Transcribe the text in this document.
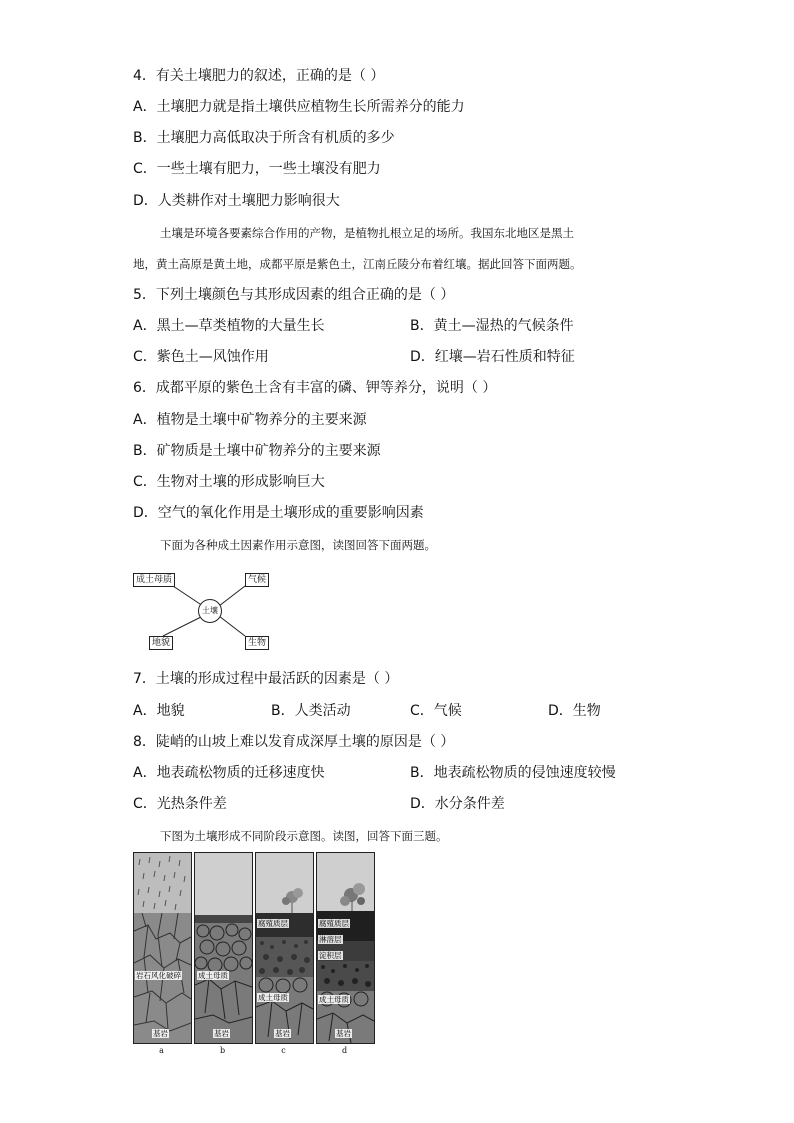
4．有关土壤肥力的叙述，正确的是（ ）
A．土壤肥力就是指土壤供应植物生长所需养分的能力
B．土壤肥力高低取决于所含有机质的多少
C．一些土壤有肥力，一些土壤没有肥力
D．人类耕作对土壤肥力影响很大
土壤是环境各要素综合作用的产物，是植物扎根立足的场所。我国东北地区是黑土
地，黄土高原是黄土地，成都平原是紫色土，江南丘陵分布着红壤。据此回答下面两题。
5．下列土壤颜色与其形成因素的组合正确的是（ ）
A．黑土—草类植物的大量生长	B．黄土—湿热的气候条件
C．紫色土—风蚀作用	D．红壤—岩石性质和特征
6．成都平原的紫色土含有丰富的磷、钾等养分，说明（ ）
A．植物是土壤中矿物养分的主要来源
B．矿物质是土壤中矿物养分的主要来源
C．生物对土壤的形成影响巨大
D．空气的氧化作用是土壤形成的重要影响因素
下面为各种成土因素作用示意图，读图回答下面两题。
成土母质	气候
地貌	生物
土壤
7．土壤的形成过程中最活跃的因素是（ ）
A．地貌	B．人类活动	C．气候	D．生物
8．陡峭的山坡上难以发育成深厚土壤的原因是（ ）
A．地表疏松物质的迁移速度快	B．地表疏松物质的侵蚀速度较慢
C．光热条件差	D．水分条件差
下图为土壤形成不同阶段示意图。读图，回答下面三题。
岩石风化破碎
基岩
成土母质
基岩
腐殖质层
成土母质
基岩
腐殖质层
淋溶层
淀积层
成土母质
基岩
a	b	c	d
